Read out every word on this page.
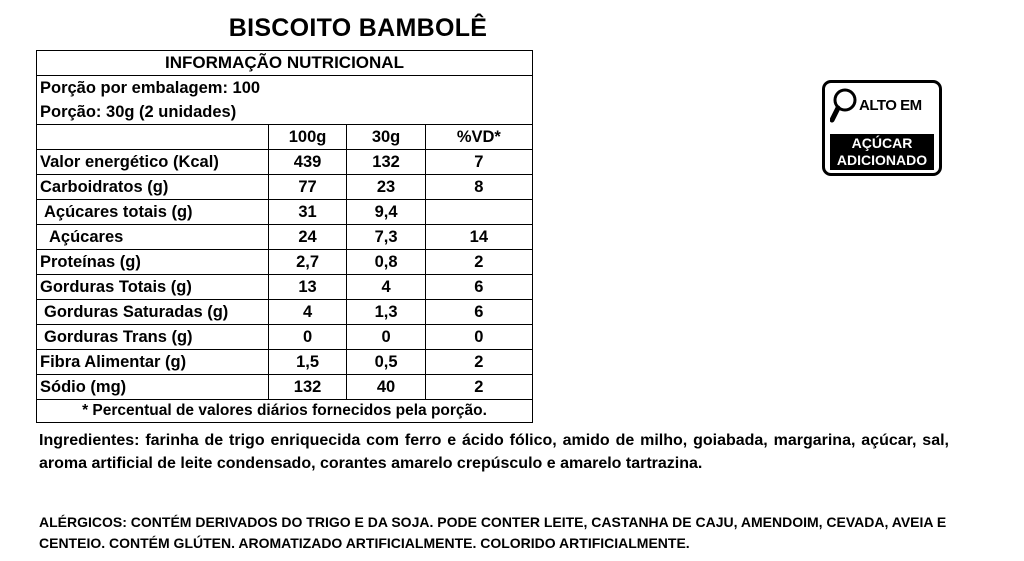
BISCOITO BAMBOLÊ
INFORMAÇÃO NUTRICIONAL			
Porção por embalagem: 100			
Porção: 30g (2 unidades)			
	100g	30g	%VD*
Valor energético (Kcal)	439	132	7
Carboidratos (g)	77	23	8
Açúcares totais (g)	31	9,4	
Açúcares	24	7,3	14
Proteínas (g)	2,7	0,8	2
Gorduras Totais (g)	13	4	6
Gorduras Saturadas (g)	4	1,3	6
Gorduras Trans (g)	0	0	0
Fibra Alimentar (g)	1,5	0,5	2
Sódio (mg)	132	40	2
* Percentual de valores diários fornecidos pela porção.			
Ingredientes: farinha de trigo enriquecida com ferro e ácido fólico, amido de milho, goiabada, margarina, açúcar, sal, aroma artificial de leite condensado, corantes amarelo crepúsculo e amarelo tartrazina.
ALÉRGICOS: CONTÉM DERIVADOS DO TRIGO E DA SOJA. PODE CONTER LEITE, CASTANHA DE CAJU, AMENDOIM, CEVADA, AVEIA E CENTEIO. CONTÉM GLÚTEN. AROMATIZADO ARTIFICIALMENTE. COLORIDO ARTIFICIALMENTE.
ALTO EM
AÇÚCAR
ADICIONADO
